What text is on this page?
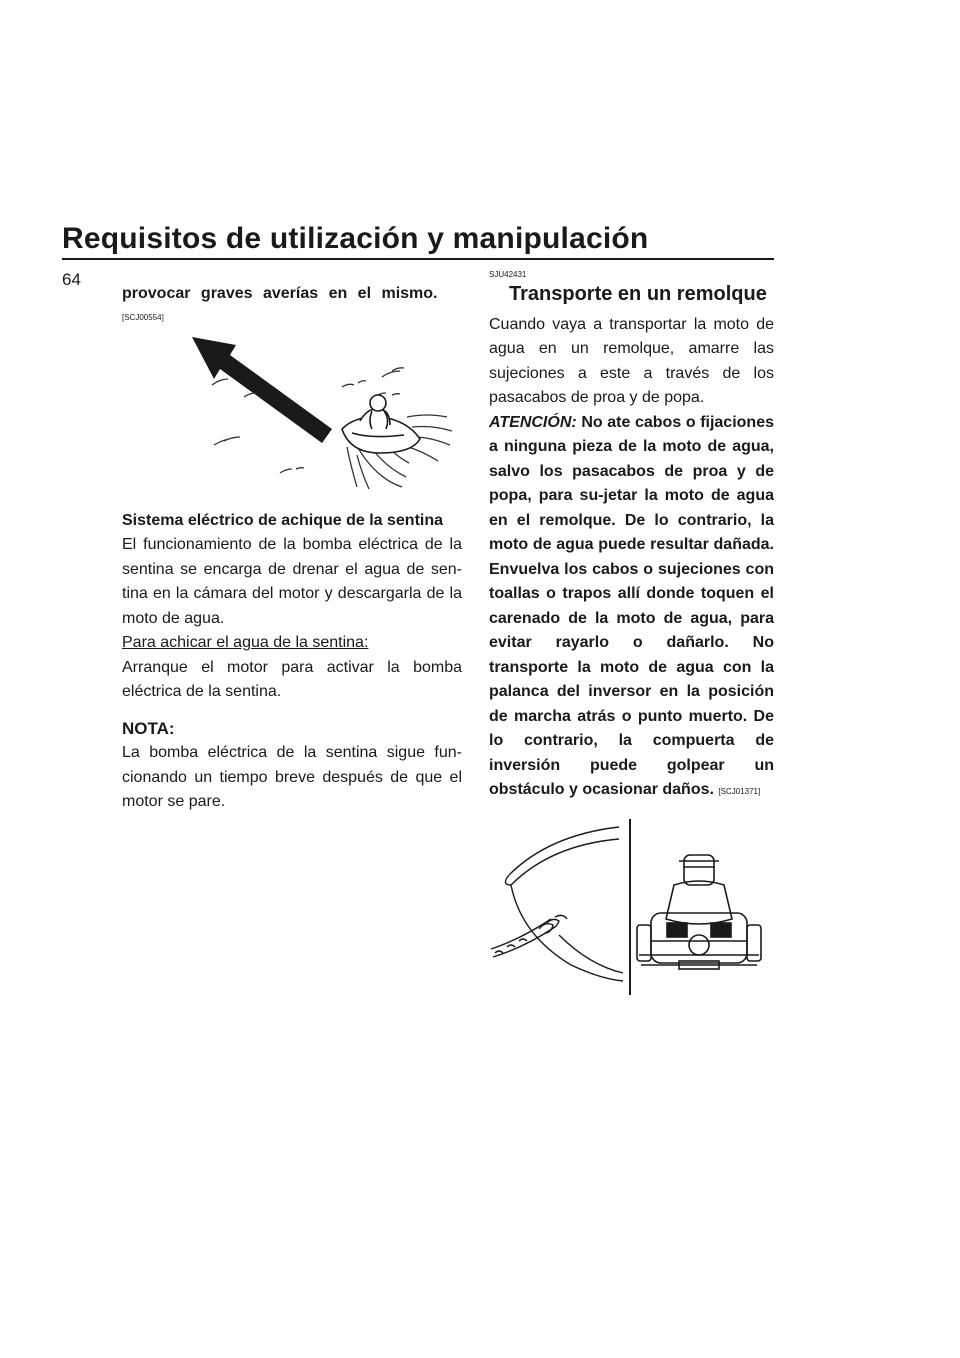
Requisitos de utilización y manipulación
64

provocar graves averías en el mismo.

[SCJ00554]

Sistema eléctrico de achique de la sentina

El funcionamiento de la bomba eléctrica de la sentina se encarga de drenar el agua de sen-tina en la cámara del motor y descargarla de la moto de agua.

Para achicar el agua de la sentina:

Arranque el motor para activar la bomba eléctrica de la sentina.

NOTA:

La bomba eléctrica de la sentina sigue fun-cionando un tiempo breve después de que el motor se pare.

SJU42431

Transporte en un remolque

Cuando vaya a transportar la moto de agua en un remolque, amarre las sujeciones a este a través de los pasacabos de proa y de popa.

ATENCIÓN: No ate cabos o fijaciones a ninguna pieza de la moto de agua, salvo los pasacabos de proa y de popa, para su-jetar la moto de agua en el remolque. De lo contrario, la moto de agua puede resultar dañada. Envuelva los cabos o sujeciones con toallas o trapos allí donde toquen el carenado de la moto de agua, para evitar rayarlo o dañarlo. No transporte la moto de agua con la palanca del inversor en la posición de marcha atrás o punto muerto. De lo contrario, la compuerta de inversión puede golpear un obstáculo y ocasionar daños. [SCJ01371]
